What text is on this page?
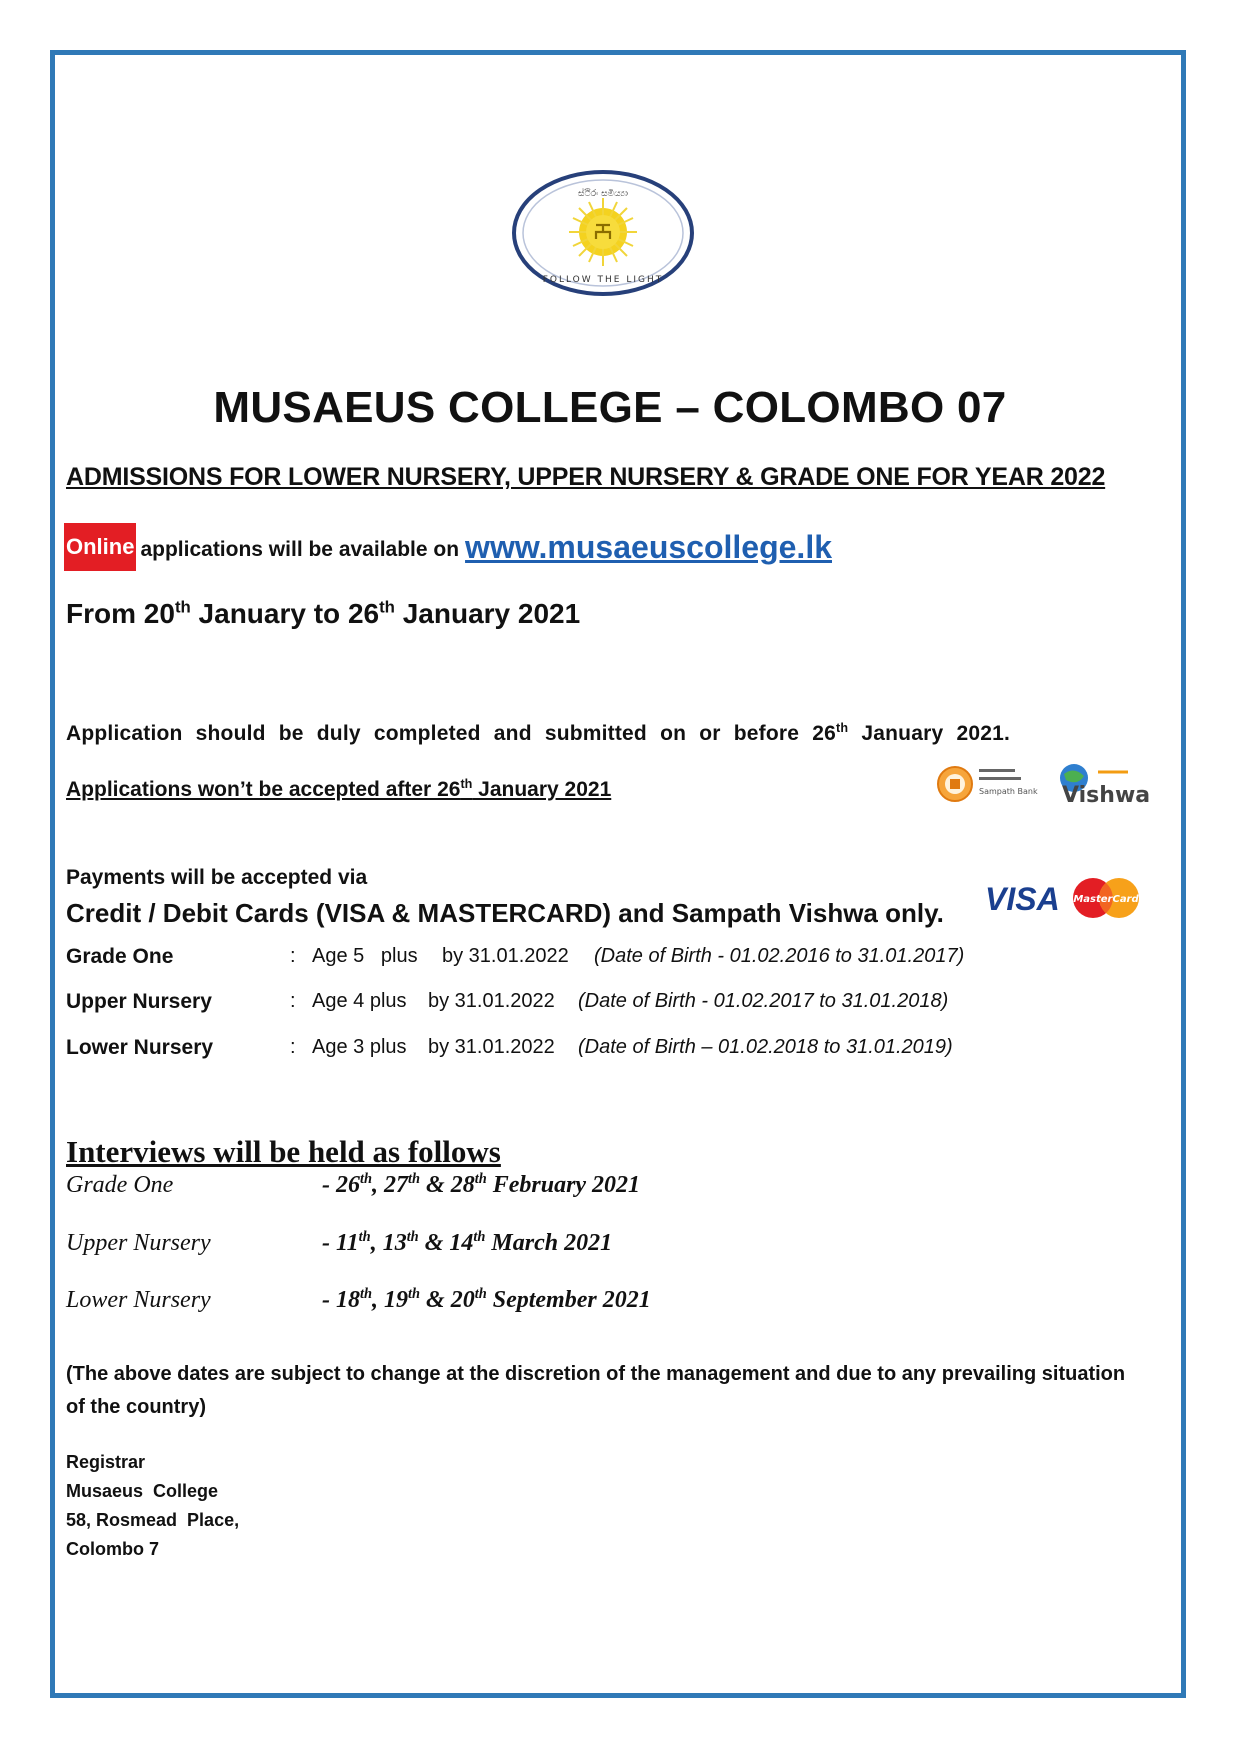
ස්ථිරං සමිය්‍යා
FOLLOW THE LIGHT
MUSAEUS COLLEGE – COLOMBO 07
ADMISSIONS FOR LOWER NURSERY, UPPER NURSERY & GRADE ONE FOR YEAR 2022
Online applications will be available on www.musaeuscollege.lk
From 20th January to 26th January 2021
Application should be duly completed and submitted on or before 26th January 2021.
Applications won’t be accepted after 26th January 2021	Sampath Bank Vishwa
Payments will be accepted via
Credit / Debit Cards (VISA & MASTERCARD) and Sampath Vishwa only. VISA MasterCard
Grade One	: Age 5   plus	by 31.01.2022	(Date of Birth - 01.02.2016 to 31.01.2017)
Upper Nursery	: Age 4 plus	by 31.01.2022	(Date of Birth - 01.02.2017 to 31.01.2018)
Lower Nursery	: Age 3 plus	by 31.01.2022	(Date of Birth – 01.02.2018 to 31.01.2019)
Interviews will be held as follows
Grade One	- 26th, 27th & 28th February 2021
Upper Nursery	- 11th, 13th & 14th March 2021
Lower Nursery	- 18th, 19th & 20th September 2021
(The above dates are subject to change at the discretion of the management and due to any prevailing situation of the country)
Registrar
Musaeus  College
58, Rosmead  Place,
Colombo 7
